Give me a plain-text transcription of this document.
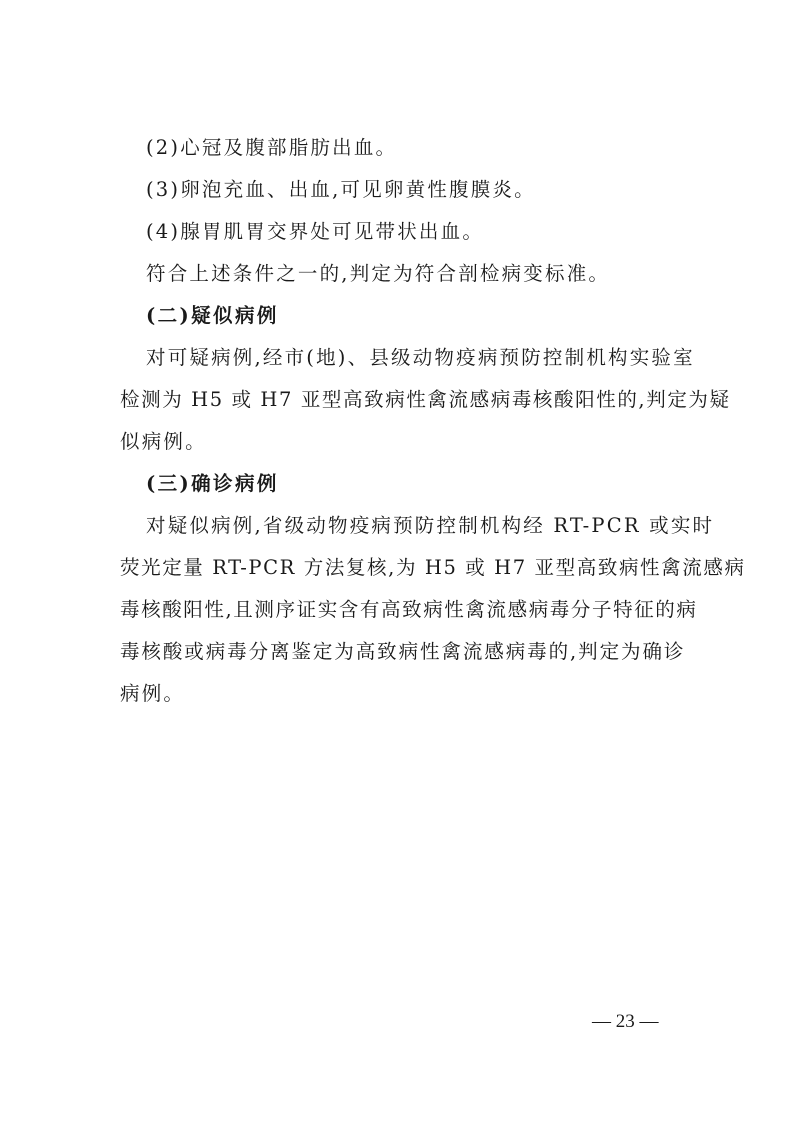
(2)心冠及腹部脂肪出血。
(3)卵泡充血、出血,可见卵黄性腹膜炎。
(4)腺胃肌胃交界处可见带状出血。
符合上述条件之一的,判定为符合剖检病变标准。
(二)疑似病例
对可疑病例,经市(地)、县级动物疫病预防控制机构实验室
检测为 H5 或 H7 亚型高致病性禽流感病毒核酸阳性的,判定为疑
似病例。
(三)确诊病例
对疑似病例,省级动物疫病预防控制机构经 RT-PCR 或实时
荧光定量 RT-PCR 方法复核,为 H5 或 H7 亚型高致病性禽流感病
毒核酸阳性,且测序证实含有高致病性禽流感病毒分子特征的病
毒核酸或病毒分离鉴定为高致病性禽流感病毒的,判定为确诊
病例。
— 23 —
